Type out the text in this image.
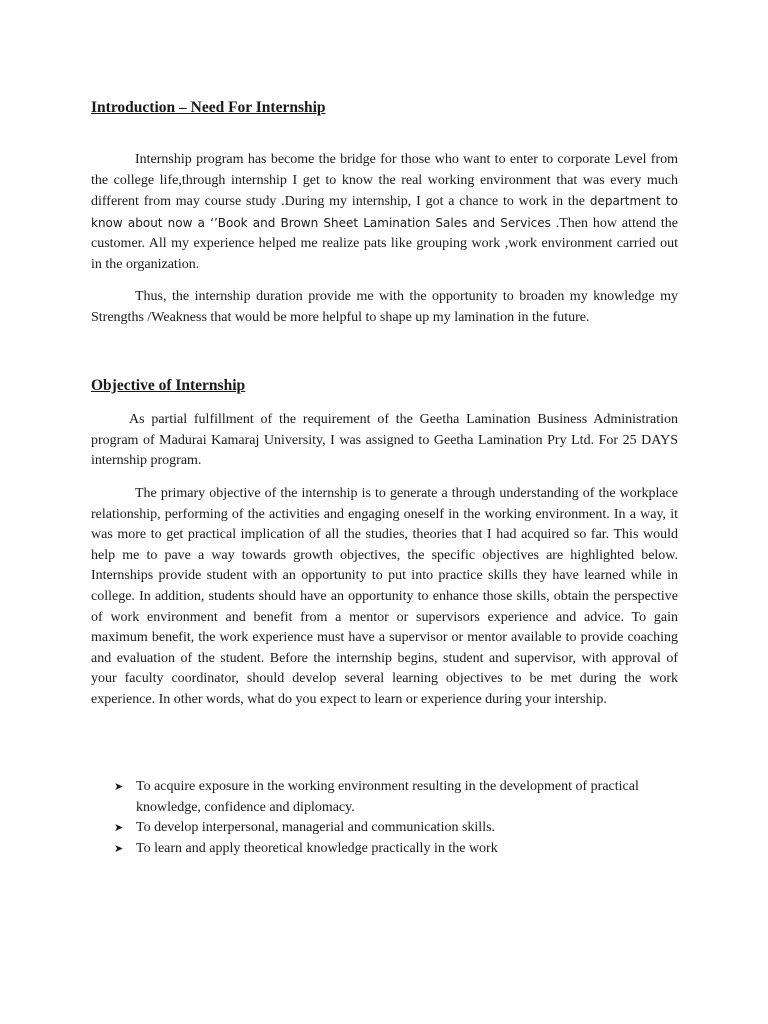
Introduction – Need For Internship

Internship program has become the bridge for those who want to enter to corporate Level from the college life,through internship I get to know the real working environment that was every much different from may course study .During my internship, I got a chance to work in the department to know about now a ‘’Book and Brown Sheet Lamination Sales and Services .Then how attend the customer. All my experience helped me realize pats like grouping work ,work environment carried out in the organization.

Thus, the internship duration provide me with the opportunity to broaden my knowledge my Strengths /Weakness that would be more helpful to shape up my lamination in the future.

Objective of Internship

As partial fulfillment of the requirement of the Geetha Lamination Business Administration program of Madurai Kamaraj University, I was assigned to Geetha Lamination Pry Ltd. For 25 DAYS internship program.

The primary objective of the internship is to generate a through understanding of the workplace relationship, performing of the activities and engaging oneself in the working environment. In a way, it was more to get practical implication of all the studies, theories that I had acquired so far. This would help me to pave a way towards growth objectives, the specific objectives are highlighted below. Internships provide student with an opportunity to put into practice skills they have learned while in college. In addition, students should have an opportunity to enhance those skills, obtain the perspective of work environment and benefit from a mentor or supervisors experience and advice. To gain maximum benefit, the work experience must have a supervisor or mentor available to provide coaching and evaluation of the student. Before the internship begins, student and supervisor, with approval of your faculty coordinator, should develop several learning objectives to be met during the work experience. In other words, what do you expect to learn or experience during your intership.

➤ To acquire exposure in the working environment resulting in the development of practical knowledge, confidence and diplomacy.
➤ To develop interpersonal, managerial and communication skills.
➤ To learn and apply theoretical knowledge practically in the work
